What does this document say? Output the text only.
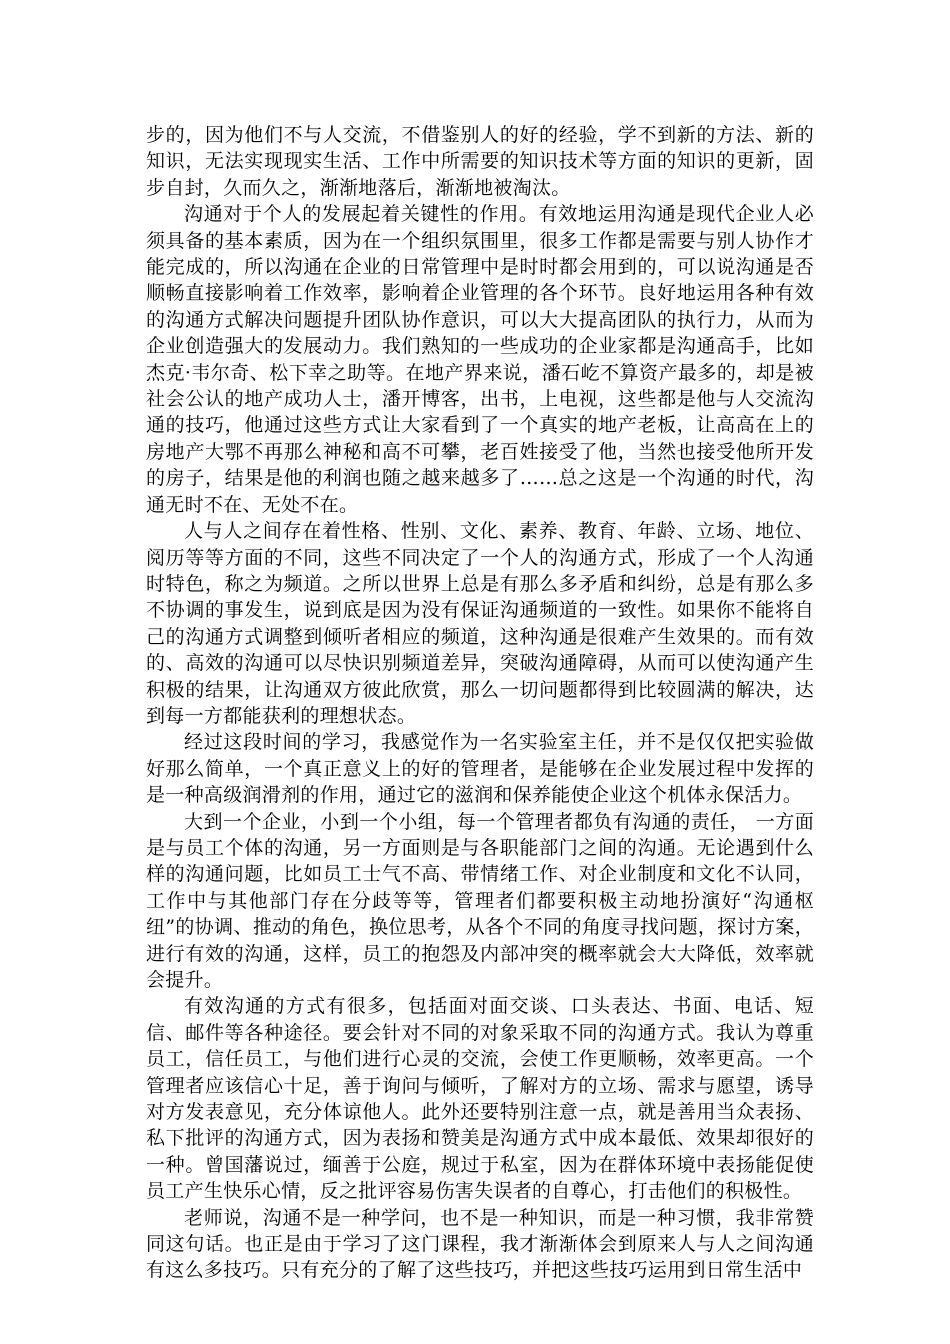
步的，因为他们不与人交流，不借鉴别人的好的经验，学不到新的方法、新的知识，无法实现现实生活、工作中所需要的知识技术等方面的知识的更新，固步自封，久而久之，渐渐地落后，渐渐地被淘汰。

沟通对于个人的发展起着关键性的作用。有效地运用沟通是现代企业人必须具备的基本素质，因为在一个组织氛围里，很多工作都是需要与别人协作才能完成的，所以沟通在企业的日常管理中是时时都会用到的，可以说沟通是否顺畅直接影响着工作效率，影响着企业管理的各个环节。良好地运用各种有效的沟通方式解决问题提升团队协作意识，可以大大提高团队的执行力，从而为企业创造强大的发展动力。我们熟知的一些成功的企业家都是沟通高手，比如杰克·韦尔奇、松下幸之助等。在地产界来说，潘石屹不算资产最多的，却是被社会公认的地产成功人士，潘开博客，出书，上电视，这些都是他与人交流沟通的技巧，他通过这些方式让大家看到了一个真实的地产老板，让高高在上的房地产大鄂不再那么神秘和高不可攀，老百姓接受了他，当然也接受他所开发的房子，结果是他的利润也随之越来越多了……总之这是一个沟通的时代，沟通无时不在、无处不在。

人与人之间存在着性格、性别、文化、素养、教育、年龄、立场、地位、阅历等等方面的不同，这些不同决定了一个人的沟通方式，形成了一个人沟通时特色，称之为频道。之所以世界上总是有那么多矛盾和纠纷，总是有那么多不协调的事发生，说到底是因为没有保证沟通频道的一致性。如果你不能将自己的沟通方式调整到倾听者相应的频道，这种沟通是很难产生效果的。而有效的、高效的沟通可以尽快识别频道差异，突破沟通障碍，从而可以使沟通产生积极的结果，让沟通双方彼此欣赏，那么一切问题都得到比较圆满的解决，达到每一方都能获利的理想状态。

经过这段时间的学习，我感觉作为一名实验室主任，并不是仅仅把实验做好那么简单，一个真正意义上的好的管理者，是能够在企业发展过程中发挥的是一种高级润滑剂的作用，通过它的滋润和保养能使企业这个机体永保活力。

大到一个企业，小到一个小组，每一个管理者都负有沟通的责任， 一方面是与员工个体的沟通，另一方面则是与各职能部门之间的沟通。无论遇到什么样的沟通问题，比如员工士气不高、带情绪工作、对企业制度和文化不认同，工作中与其他部门存在分歧等等，管理者们都要积极主动地扮演好“沟通枢纽”的协调、推动的角色，换位思考，从各个不同的角度寻找问题，探讨方案，进行有效的沟通，这样，员工的抱怨及内部冲突的概率就会大大降低，效率就会提升。

有效沟通的方式有很多，包括面对面交谈、口头表达、书面、电话、短信、邮件等各种途径。要会针对不同的对象采取不同的沟通方式。我认为尊重员工，信任员工，与他们进行心灵的交流，会使工作更顺畅，效率更高。一个管理者应该信心十足，善于询问与倾听，了解对方的立场、需求与愿望，诱导对方发表意见，充分体谅他人。此外还要特别注意一点，就是善用当众表扬、私下批评的沟通方式，因为表扬和赞美是沟通方式中成本最低、效果却很好的一种。曾国藩说过，缅善于公庭，规过于私室，因为在群体环境中表扬能促使员工产生快乐心情，反之批评容易伤害失误者的自尊心，打击他们的积极性。

老师说，沟通不是一种学问，也不是一种知识，而是一种习惯，我非常赞同这句话。也正是由于学习了这门课程，我才渐渐体会到原来人与人之间沟通有这么多技巧。只有充分的了解了这些技巧，并把这些技巧运用到日常生活中
